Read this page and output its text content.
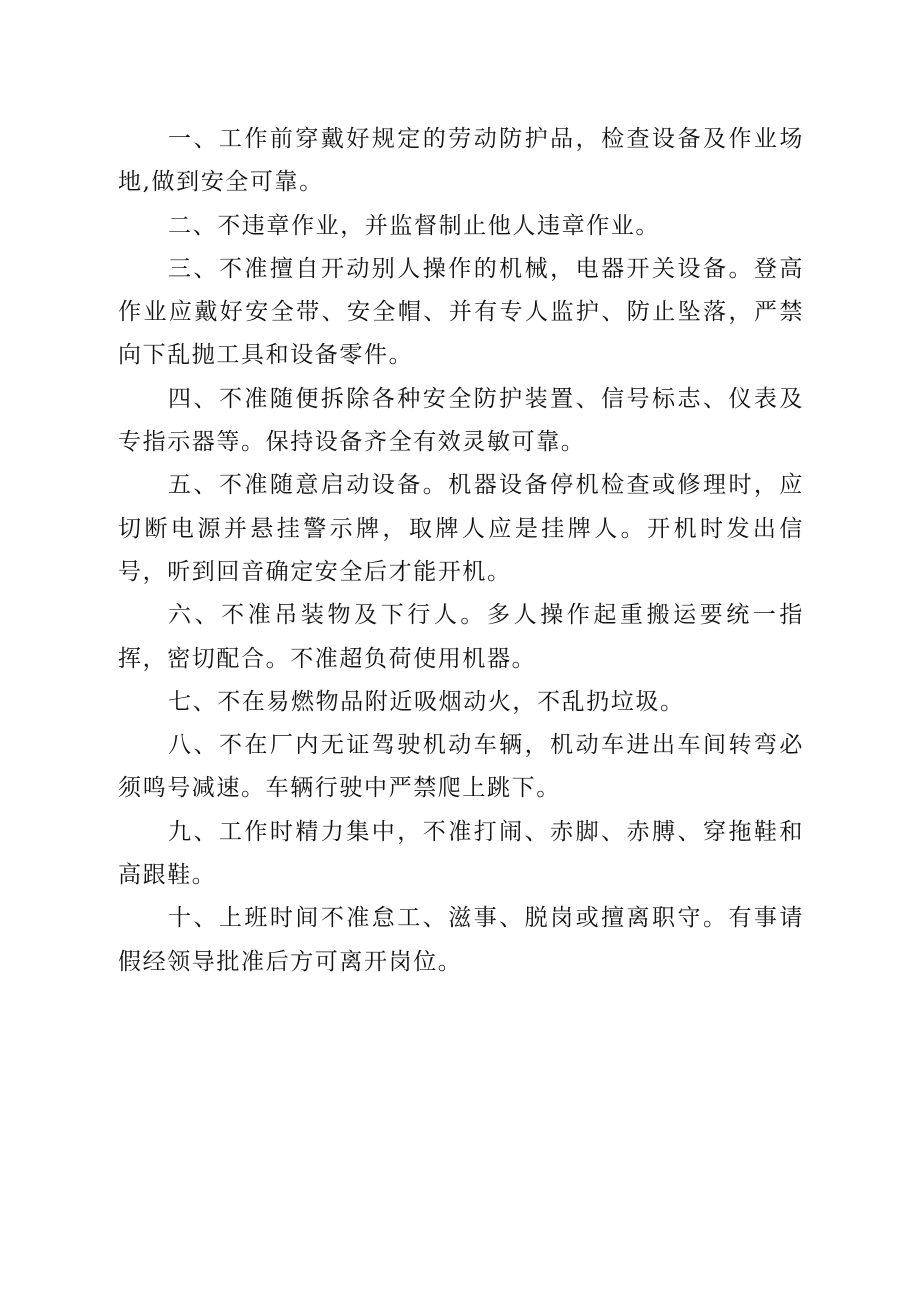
一、工作前穿戴好规定的劳动防护品，检查设备及作业场地,做到安全可靠。

二、不违章作业，并监督制止他人违章作业。

三、不准擅自开动别人操作的机械，电器开关设备。登高作业应戴好安全带、安全帽、并有专人监护、防止坠落，严禁向下乱抛工具和设备零件。

四、不准随便拆除各种安全防护装置、信号标志、仪表及专指示器等。保持设备齐全有效灵敏可靠。

五、不准随意启动设备。机器设备停机检查或修理时，应切断电源并悬挂警示牌，取牌人应是挂牌人。开机时发出信号，听到回音确定安全后才能开机。

六、不准吊装物及下行人。多人操作起重搬运要统一指挥，密切配合。不准超负荷使用机器。

七、不在易燃物品附近吸烟动火，不乱扔垃圾。

八、不在厂内无证驾驶机动车辆，机动车进出车间转弯必须鸣号减速。车辆行驶中严禁爬上跳下。

九、工作时精力集中，不准打闹、赤脚、赤膊、穿拖鞋和高跟鞋。

十、上班时间不准怠工、滋事、脱岗或擅离职守。有事请假经领导批准后方可离开岗位。
